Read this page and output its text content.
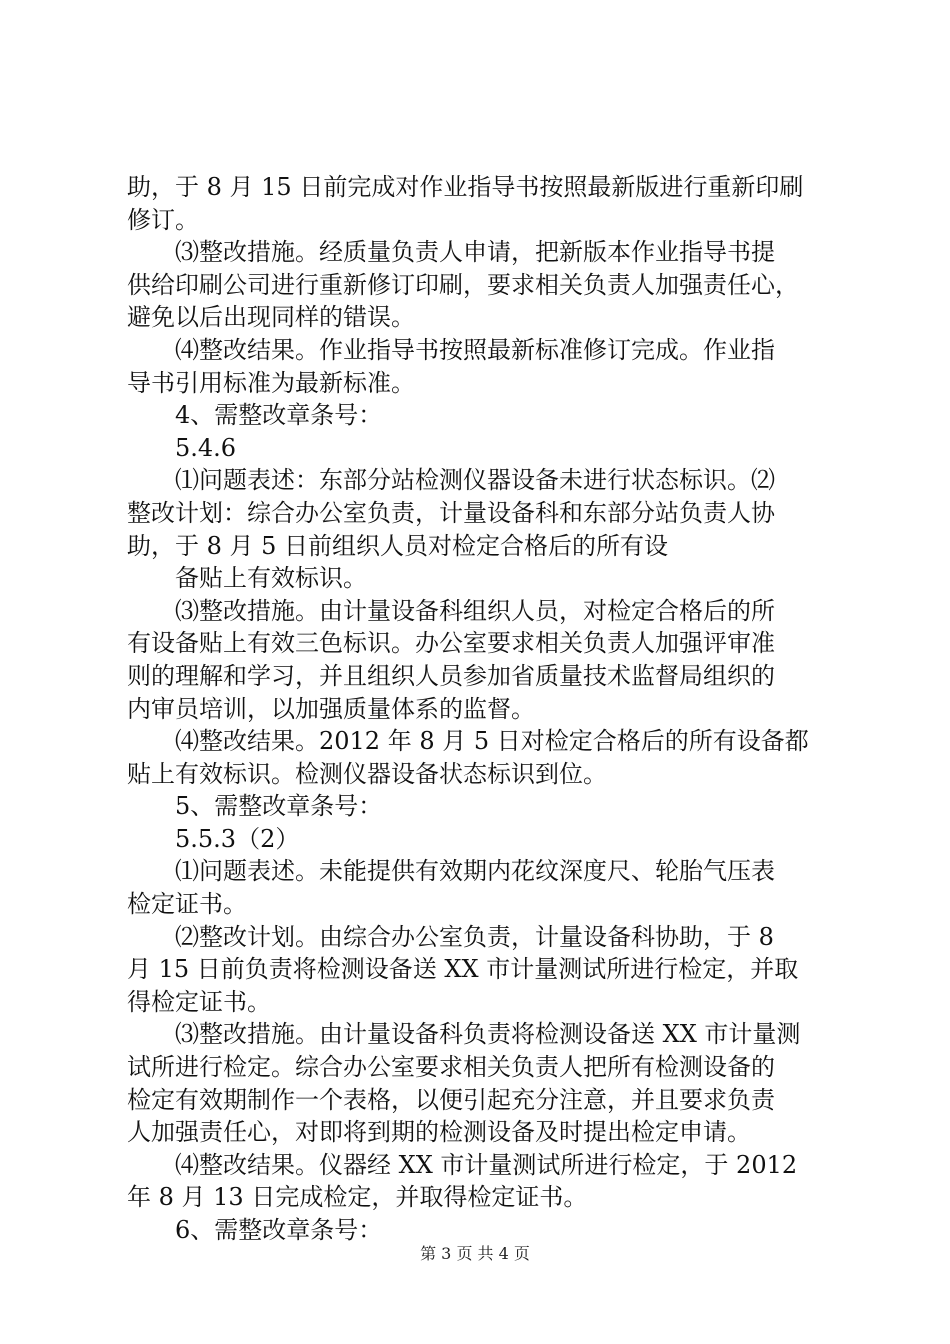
助，于 8 月 15 日前完成对作业指导书按照最新版进行重新印刷
修订。
⑶整改措施。经质量负责人申请，把新版本作业指导书提
供给印刷公司进行重新修订印刷，要求相关负责人加强责任心，
避免以后出现同样的错误。
⑷整改结果。作业指导书按照最新标准修订完成。作业指
导书引用标准为最新标准。
4、需整改章条号：
5.4.6
⑴问题表述：东部分站检测仪器设备未进行状态标识。⑵
整改计划：综合办公室负责，计量设备科和东部分站负责人协
助，于 8 月 5 日前组织人员对检定合格后的所有设
备贴上有效标识。
⑶整改措施。由计量设备科组织人员，对检定合格后的所
有设备贴上有效三色标识。办公室要求相关负责人加强评审准
则的理解和学习，并且组织人员参加省质量技术监督局组织的
内审员培训，以加强质量体系的监督。
⑷整改结果。2012 年 8 月 5 日对检定合格后的所有设备都
贴上有效标识。检测仪器设备状态标识到位。
5、需整改章条号：
5.5.3（2）
⑴问题表述。未能提供有效期内花纹深度尺、轮胎气压表
检定证书。
⑵整改计划。由综合办公室负责，计量设备科协助，于 8
月 15 日前负责将检测设备送 XX 市计量测试所进行检定，并取
得检定证书。
⑶整改措施。由计量设备科负责将检测设备送 XX 市计量测
试所进行检定。综合办公室要求相关负责人把所有检测设备的
检定有效期制作一个表格，以便引起充分注意，并且要求负责
人加强责任心，对即将到期的检测设备及时提出检定申请。
⑷整改结果。仪器经 XX 市计量测试所进行检定，于 2012
年 8 月 13 日完成检定，并取得检定证书。
6、需整改章条号：
第 3 页 共 4 页
